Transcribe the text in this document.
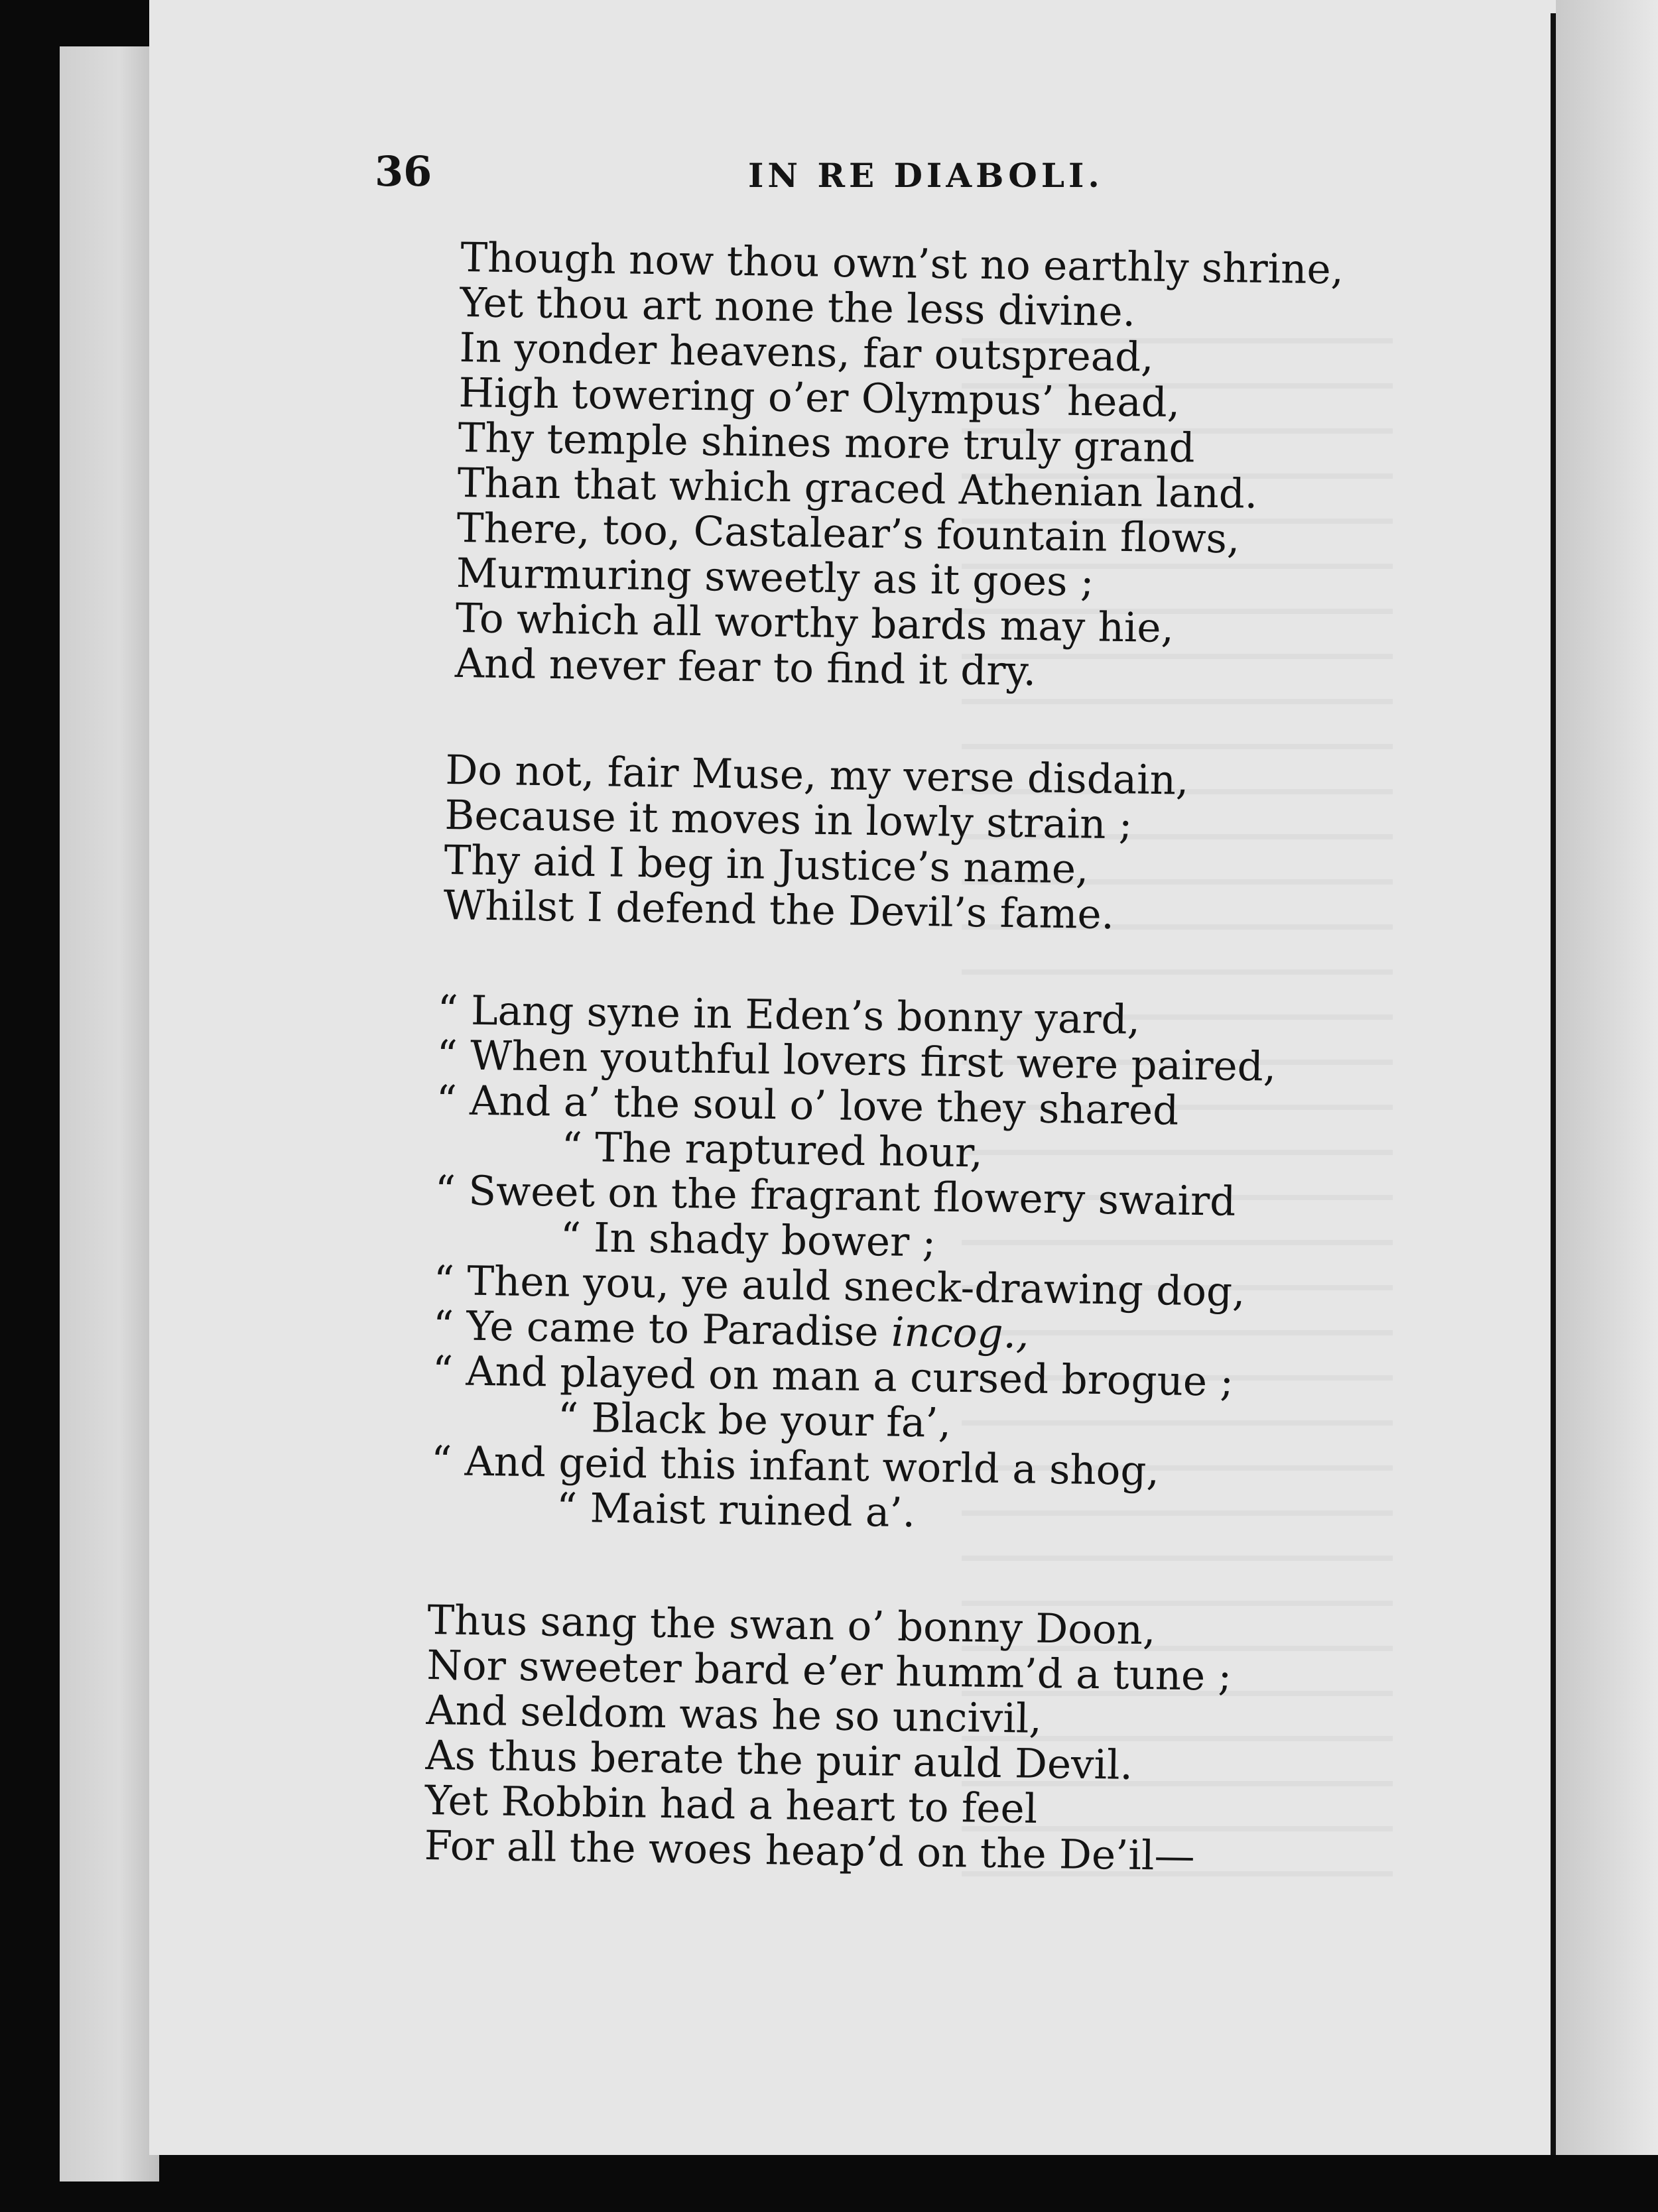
36	IN RE DIABOLI.
Though now thou own’st no earthly shrine,
Yet thou art none the less divine.
In yonder heavens, far outspread,
High towering o’er Olympus’ head,
Thy temple shines more truly grand
Than that which graced Athenian land.
There, too, Castalear’s fountain flows,
Murmuring sweetly as it goes ;
To which all worthy bards may hie,
And never fear to find it dry.
Do not, fair Muse, my verse disdain,
Because it moves in lowly strain ;
Thy aid I beg in Justice’s name,
Whilst I defend the Devil’s fame.
“ Lang syne in Eden’s bonny yard,
“ When youthful lovers first were paired,
“ And a’ the soul o’ love they shared
“ The raptured hour,
“ Sweet on the fragrant flowery swaird
“ In shady bower ;
“ Then you, ye auld sneck-drawing dog,
“ Ye came to Paradise incog.,
“ And played on man a cursed brogue ;
“ Black be your fa’,
“ And geid this infant world a shog,
“ Maist ruined a’.
Thus sang the swan o’ bonny Doon,
Nor sweeter bard e’er humm’d a tune ;
And seldom was he so uncivil,
As thus berate the puir auld Devil.
Yet Robbin had a heart to feel
For all the woes heap’d on the De’il—
